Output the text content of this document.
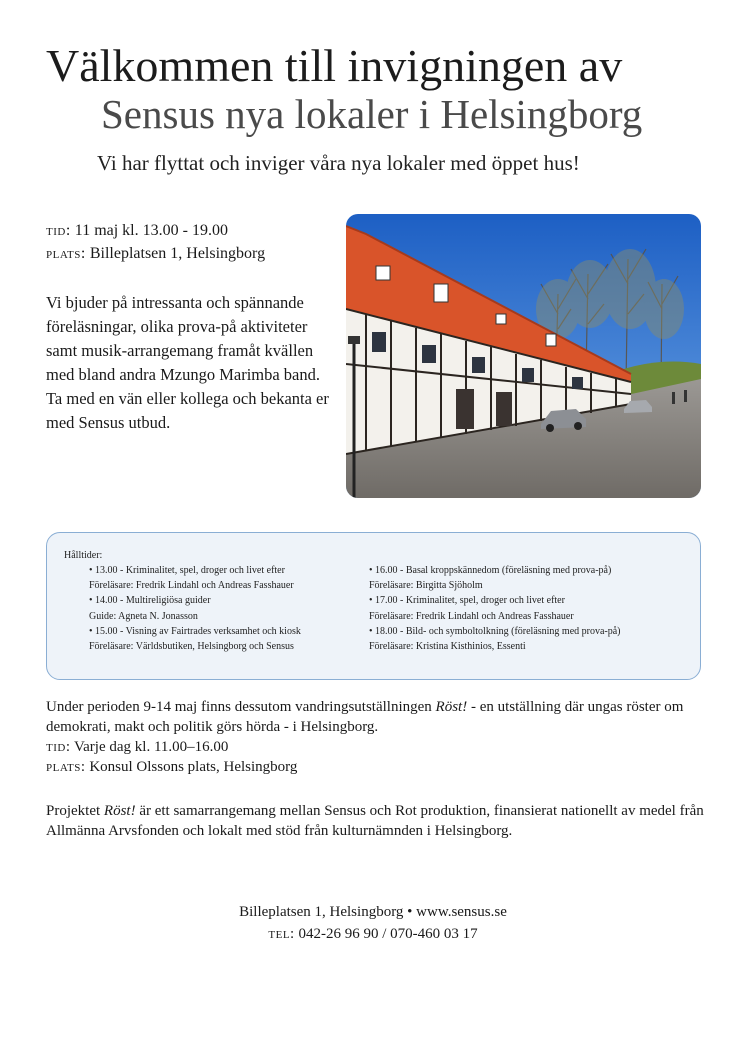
Välkommen till invigningen av
Sensus nya lokaler i Helsingborg
Vi har flyttat och inviger våra nya lokaler med öppet hus!
tid: 11 maj kl. 13.00 - 19.00
plats: Billeplatsen 1, Helsingborg
Vi bjuder på intressanta och spännande föreläsningar, olika prova-på aktiviteter samt musik-arrangemang framåt kvällen med bland andra Mzungo Marimba band. Ta med en vän eller kollega och bekanta er med Sensus utbud.
Hålltider:
• 13.00 - Kriminalitet, spel, droger och livet efter
Föreläsare: Fredrik Lindahl och Andreas Fasshauer
• 14.00 - Multireligiösa guider
Guide: Agneta N. Jonasson
• 15.00 - Visning av Fairtrades verksamhet och kiosk
Föreläsare: Världsbutiken, Helsingborg och Sensus
• 16.00 - Basal kroppskännedom (föreläsning med prova-på)
Föreläsare: Birgitta Sjöholm
• 17.00 - Kriminalitet, spel, droger och livet efter
Föreläsare: Fredrik Lindahl och Andreas Fasshauer
• 18.00 - Bild- och symboltolkning (föreläsning med prova-på)
Föreläsare: Kristina Kisthinios, Essenti
Under perioden 9-14 maj finns dessutom vandringsutställningen Röst! - en utställning där ungas röster om demokrati, makt och politik görs hörda - i Helsingborg.
tid: Varje dag kl. 11.00–16.00
plats: Konsul Olssons plats, Helsingborg
Projektet Röst! är ett samarrangemang mellan Sensus och Rot produktion, finansierat nationellt av medel från Allmänna Arvsfonden och lokalt med stöd från kulturnämnden i Helsingborg.
Billeplatsen 1, Helsingborg • www.sensus.se
tel: 042-26 96 90 / 070-460 03 17
